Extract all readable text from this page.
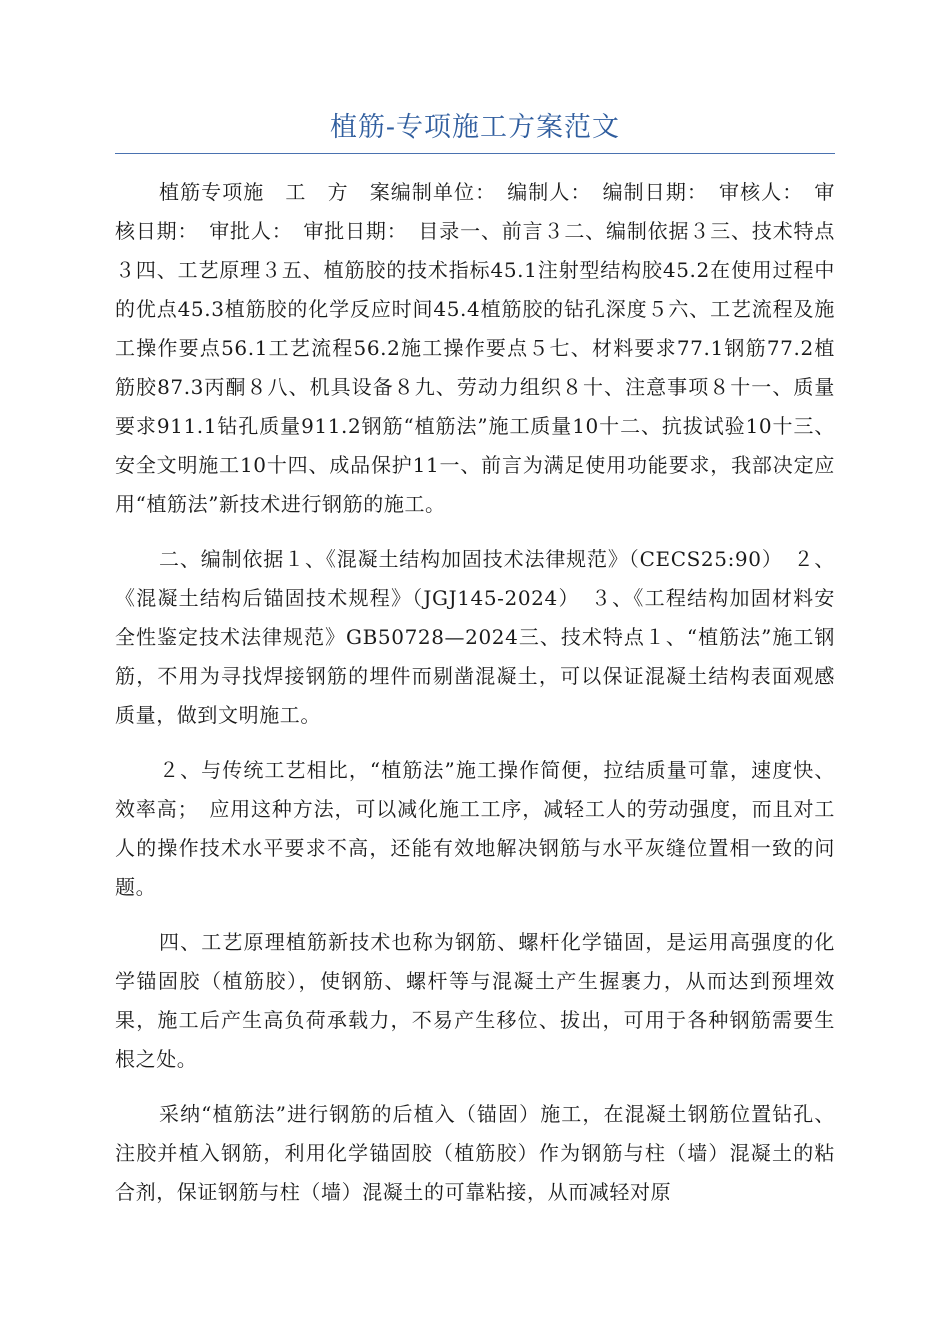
植筋-专项施工方案范文

植筋专项施　工　方　案编制单位：　编制人：　编制日期：　审核人：　审核日期：　审批人：　审批日期：　目录一、前言３二、编制依据３三、技术特点３四、工艺原理３五、植筋胶的技术指标45.1注射型结构胶45.2在使用过程中的优点45.3植筋胶的化学反应时间45.4植筋胶的钻孔深度５六、工艺流程及施工操作要点56.1工艺流程56.2施工操作要点５七、材料要求77.1钢筋77.2植筋胶87.3丙酮８八、机具设备８九、劳动力组织８十、注意事项８十一、质量要求911.1钻孔质量911.2钢筋“植筋法”施工质量10十二、抗拔试验10十三、安全文明施工10十四、成品保护11一、前言为满足使用功能要求，我部决定应用“植筋法”新技术进行钢筋的施工。

二、编制依据１、《混凝土结构加固技术法律规范》（CECS25:90）　２、《混凝土结构后锚固技术规程》（JGJ145-2024）　３、《工程结构加固材料安全性鉴定技术法律规范》GB50728—2024三、技术特点１、“植筋法”施工钢筋，不用为寻找焊接钢筋的埋件而剔凿混凝土，可以保证混凝土结构表面观感质量，做到文明施工。

２、与传统工艺相比，“植筋法”施工操作简便，拉结质量可靠，速度快、效率高；　应用这种方法，可以减化施工工序，减轻工人的劳动强度，而且对工人的操作技术水平要求不高，还能有效地解决钢筋与水平灰缝位置相一致的问题。

四、工艺原理植筋新技术也称为钢筋、螺杆化学锚固，是运用高强度的化学锚固胶（植筋胶），使钢筋、螺杆等与混凝土产生握裹力，从而达到预埋效果，施工后产生高负荷承载力，不易产生移位、拔出，可用于各种钢筋需要生根之处。

采纳“植筋法”进行钢筋的后植入（锚固）施工，在混凝土钢筋位置钻孔、注胶并植入钢筋，利用化学锚固胶（植筋胶）作为钢筋与柱（墙）混凝土的粘合剂，保证钢筋与柱（墙）混凝土的可靠粘接，从而减轻对原
